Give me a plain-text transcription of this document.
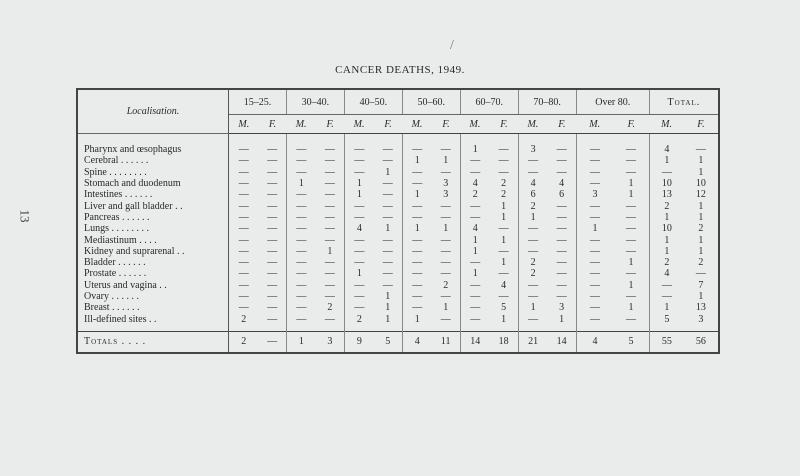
13
/
CANCER DEATHS, 1949.
Localisation.	15–25.		30–40.		40–50.		50–60.		60–70.		70–80.		Over 80.		Total.	
	M.	F.	M.	F.	M.	F.	M.	F.	M.	F.	M.	F.	M.	F.	M.	F.
Pharynx and œsophagus	—	—	—	—	—	—	—	—	1	—	3	—	—	—	4	—
Cerebral . . . . . .	—	—	—	—	—	—	1	1	—	—	—	—	—	—	1	1
Spine . . . . . . . .	—	—	—	—	—	1	—	—	—	—	—	—	—	—	—	1
Stomach and duodenum	—	—	1	—	1	—	—	3	4	2	4	4	—	1	10	10
Intestines . . . . . .	—	—	—	—	1	—	1	3	2	2	6	6	3	1	13	12
Liver and gall bladder . .	—	—	—	—	—	—	—	—	—	1	2	—	—	—	2	1
Pancreas . . . . . .	—	—	—	—	—	—	—	—	—	1	1	—	—	—	1	1
Lungs . . . . . . . .	—	—	—	—	4	1	1	1	4	—	—	—	1	—	10	2
Mediastinum . . . .	—	—	—	—	—	—	—	—	1	1	—	—	—	—	1	1
Kidney and suprarenal . .	—	—	—	1	—	—	—	—	1	—	—	—	—	—	1	1
Bladder . . . . . .	—	—	—	—	—	—	—	—	—	1	2	—	—	1	2	2
Prostate . . . . . .	—	—	—	—	1	—	—	—	1	—	2	—	—	—	4	—
Uterus and vagina . .	—	—	—	—	—	—	—	2	—	4	—	—	—	1	—	7
Ovary . . . . . .	—	—	—	—	—	1	—	—	—	—	—	—	—	—	—	1
Breast . . . . . .	—	—	—	2	—	1	—	1	—	5	1	3	—	1	1	13
Ill-defined sites . .	2	—	—	—	2	1	1	—	—	1	—	1	—	—	5	3
Totals . . . .	2	—	1	3	9	5	4	11	14	18	21	14	4	5	55	56
